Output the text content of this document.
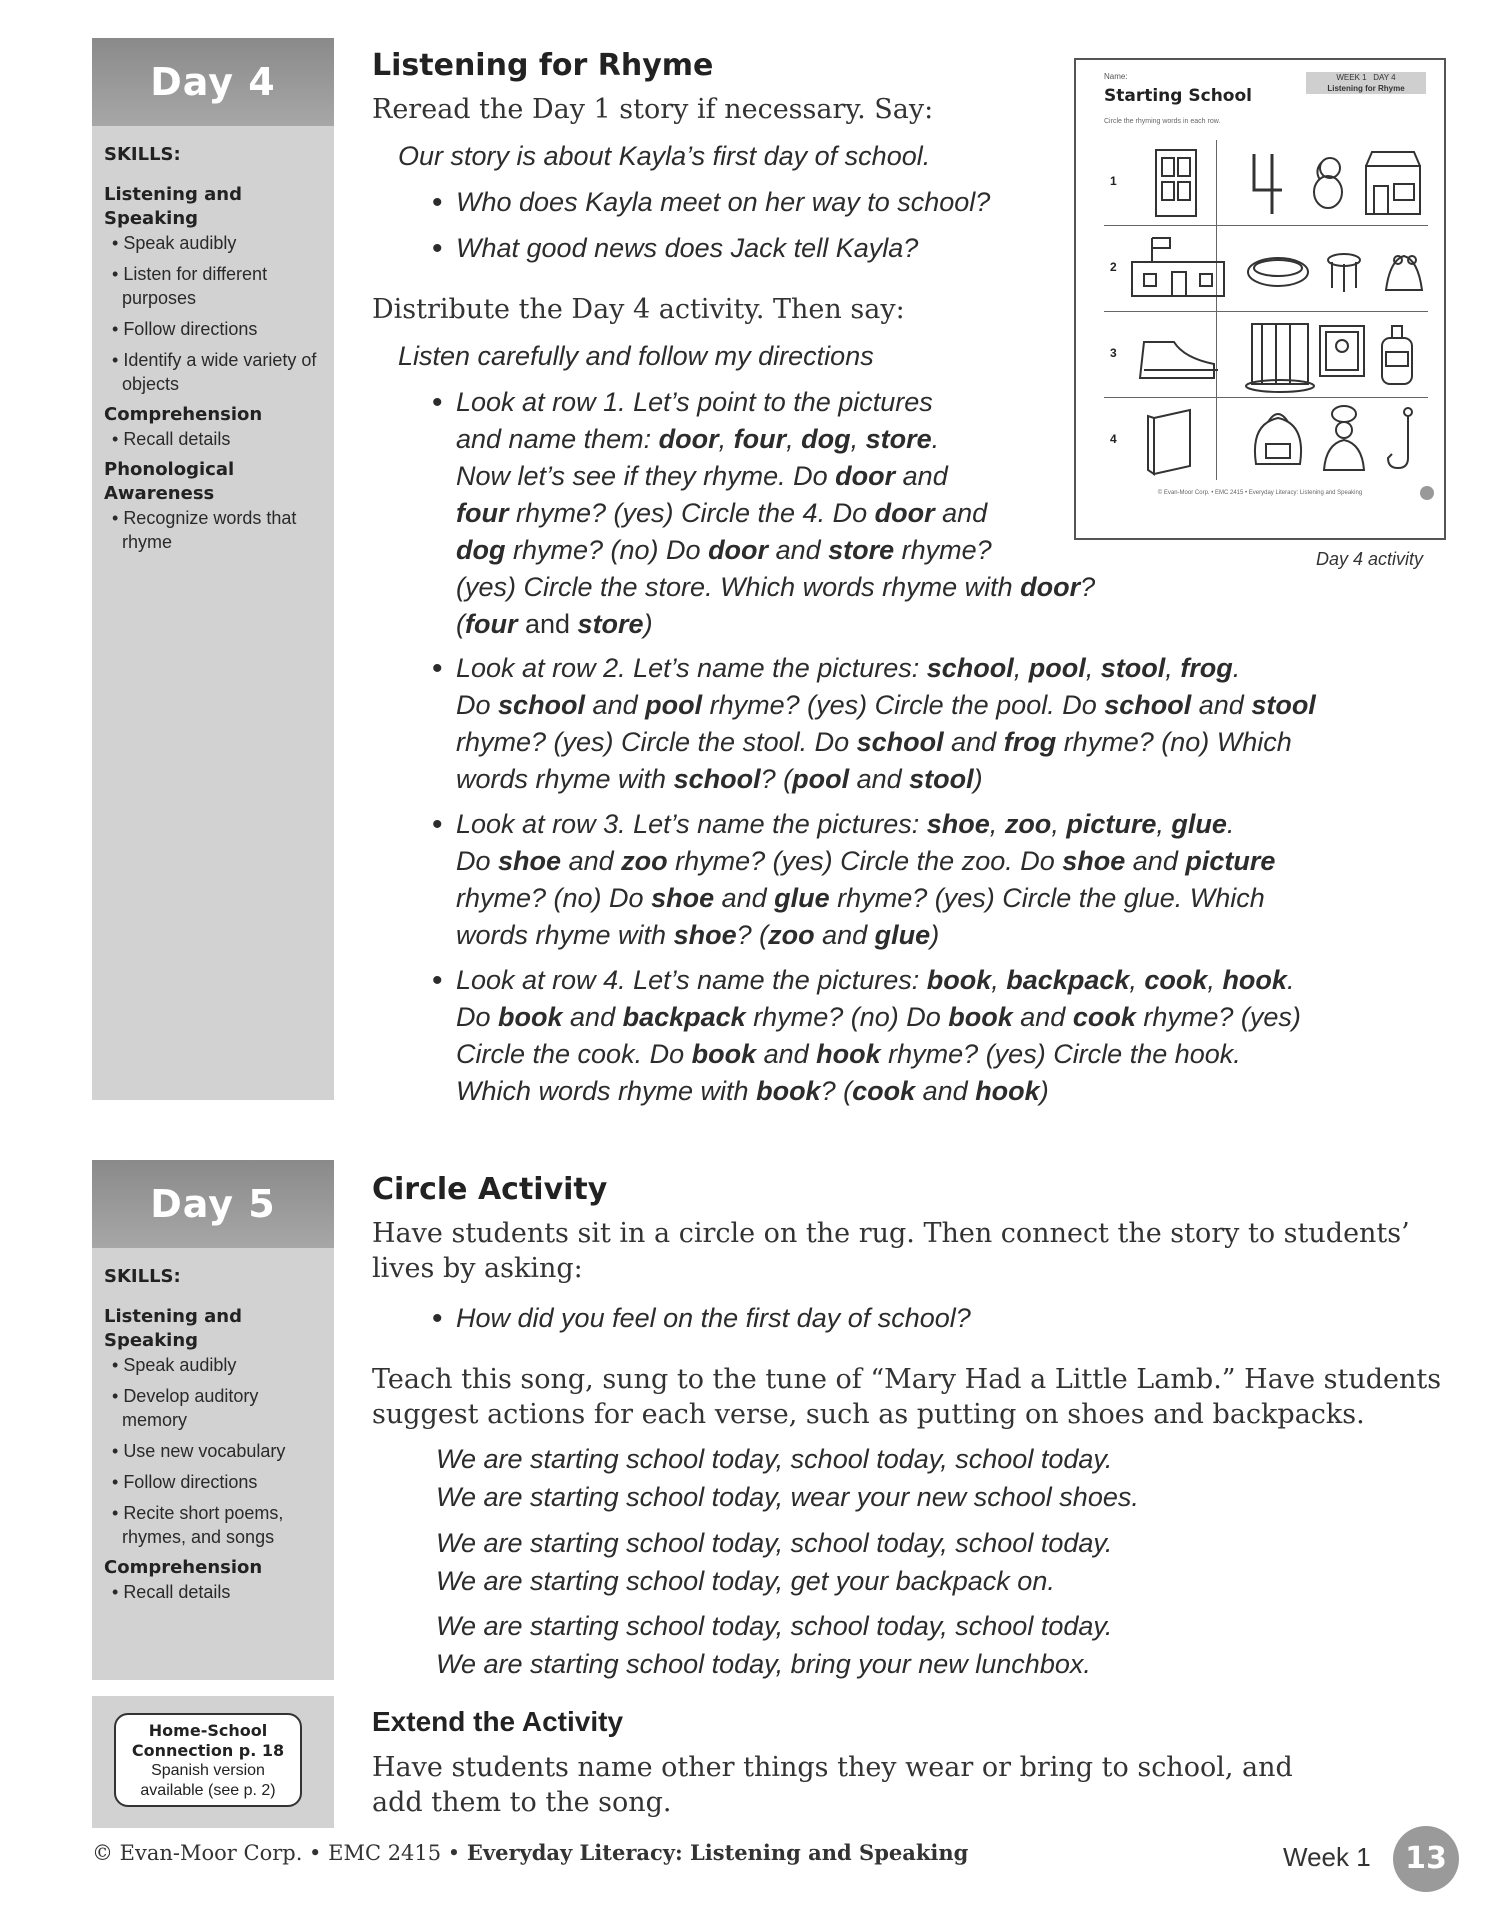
Day 4
SKILLS:
Listening and Speaking
• Speak audibly
• Listen for different purposes
• Follow directions
• Identify a wide variety of objects
Comprehension
• Recall details
Phonological Awareness
• Recognize words that rhyme
Day 5
SKILLS:
Listening and Speaking
• Speak audibly
• Develop auditory memory
• Use new vocabulary
• Follow directions
• Recite short poems, rhymes, and songs
Comprehension
• Recall details
Home-School
Connection p. 18
Spanish version
available (see p. 2)
Listening for Rhyme
Reread the Day 1 story if necessary. Say:
Our story is about Kayla’s first day of school.
• Who does Kayla meet on her way to school?
• What good news does Jack tell Kayla?
Distribute the Day 4 activity. Then say:
Listen carefully and follow my directions
• Look at row 1. Let’s point to the pictures
and name them: door, four, dog, store.
Now let’s see if they rhyme. Do door and
four rhyme? (yes) Circle the 4. Do door and
dog rhyme? (no) Do door and store rhyme?
(yes) Circle the store. Which words rhyme with door?
(four and store)
• Look at row 2. Let’s name the pictures: school, pool, stool, frog.
Do school and pool rhyme? (yes) Circle the pool. Do school and stool
rhyme? (yes) Circle the stool. Do school and frog rhyme? (no) Which
words rhyme with school? (pool and stool)
• Look at row 3. Let’s name the pictures: shoe, zoo, picture, glue.
Do shoe and zoo rhyme? (yes) Circle the zoo. Do shoe and picture
rhyme? (no) Do shoe and glue rhyme? (yes) Circle the glue. Which
words rhyme with shoe? (zoo and glue)
• Look at row 4. Let’s name the pictures: book, backpack, cook, hook.
Do book and backpack rhyme? (no) Do book and cook rhyme? (yes)
Circle the cook. Do book and hook rhyme? (yes) Circle the hook.
Which words rhyme with book? (cook and hook)
Name:
Starting School
Circle the rhyming words in each row.
WEEK 1 DAY 4
Listening for Rhyme
1
2
3
4
© Evan-Moor Corp. • EMC 2415 • Everyday Literacy: Listening and Speaking
Day 4 activity
Circle Activity
Have students sit in a circle on the rug. Then connect the story to students’
lives by asking:
• How did you feel on the first day of school?
Teach this song, sung to the tune of “Mary Had a Little Lamb.” Have students
suggest actions for each verse, such as putting on shoes and backpacks.
We are starting school today, school today, school today.
We are starting school today, wear your new school shoes.
We are starting school today, school today, school today.
We are starting school today, get your backpack on.
We are starting school today, school today, school today.
We are starting school today, bring your new lunchbox.
Extend the Activity
Have students name other things they wear or bring to school, and
add them to the song.
© Evan-Moor Corp. • EMC 2415 • Everyday Literacy: Listening and Speaking	Week 1	13
